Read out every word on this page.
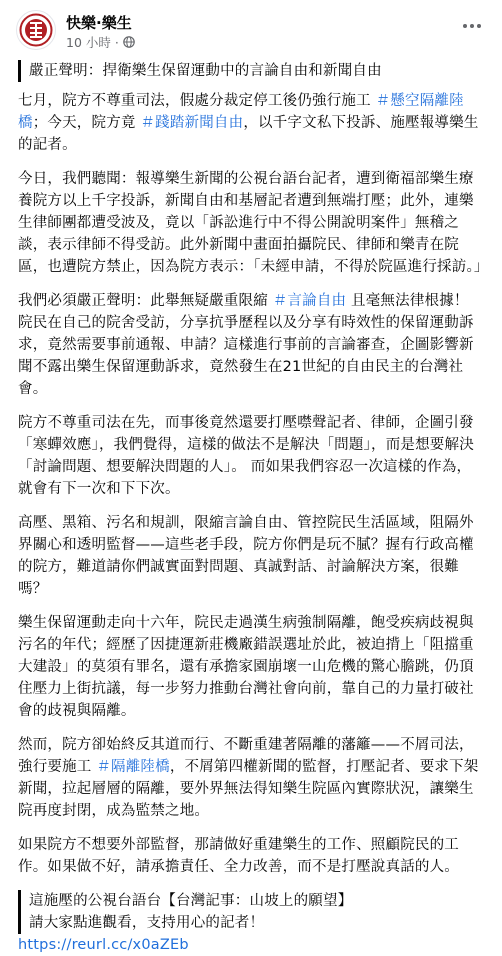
快樂·樂生
10 小時 ·
嚴正聲明：捍衛樂生保留運動中的言論自由和新聞自由

七月，院方不尊重司法，假處分裁定停工後仍強行施工 ＃懸空隔離陸橋；今天，院方竟 ＃踐踏新聞自由，以千字文私下投訴、施壓報導樂生的記者。

今日，我們聽聞：報導樂生新聞的公視台語台記者，遭到衛福部樂生療養院方以上千字投訴，新聞自由和基層記者遭到無端打壓；此外，連樂生律師團都遭受波及，竟以「訴訟進行中不得公開說明案件」無稽之談，表示律師不得受訪。此外新聞中畫面拍攝院民、律師和樂青在院區，也遭院方禁止，因為院方表示：「未經申請，不得於院區進行採訪。」

我們必須嚴正聲明：此舉無疑嚴重限縮 ＃言論自由 且毫無法律根據！院民在自己的院舍受訪，分享抗爭歷程以及分享有時效性的保留運動訴求，竟然需要事前通報、申請？這樣進行事前的言論審查，企圖影響新聞不露出樂生保留運動訴求，竟然發生在21世紀的自由民主的台灣社會。

院方不尊重司法在先，而事後竟然還要打壓噤聲記者、律師，企圖引發「寒蟬效應」，我們覺得，這樣的做法不是解決「問題」，而是想要解決「討論問題、想要解決問題的人」。 而如果我們容忍一次這樣的作為，就會有下一次和下下次。

高壓、黑箱、污名和規訓，限縮言論自由、管控院民生活區域，阻隔外界關心和透明監督——這些老手段，院方你們是玩不膩？握有行政高權的院方，難道請你們誠實面對問題、真誠對話、討論解決方案，很難嗎？

樂生保留運動走向十六年，院民走過漢生病強制隔離，飽受疾病歧視與污名的年代；經歷了因捷運新莊機廠錯誤選址於此，被迫揹上「阻擋重大建設」的莫須有罪名，還有承擔家園崩壞一山危機的驚心膽跳，仍頂住壓力上街抗議，每一步努力推動台灣社會向前，靠自己的力量打破社會的歧視與隔離。

然而，院方卻始終反其道而行、不斷重建著隔離的藩籬——不屑司法，強行要施工 ＃隔離陸橋，不屑第四權新聞的監督，打壓記者、要求下架新聞，拉起層層的隔離，要外界無法得知樂生院區內實際狀況，讓樂生院再度封閉，成為監禁之地。

如果院方不想要外部監督，那請做好重建樂生的工作、照顧院民的工作。如果做不好，請承擔責任、全力改善，而不是打壓說真話的人。

這施壓的公視台語台【台灣記事：山坡上的願望】
請大家點進觀看，支持用心的記者！
https://reurl.cc/x0aZEb
